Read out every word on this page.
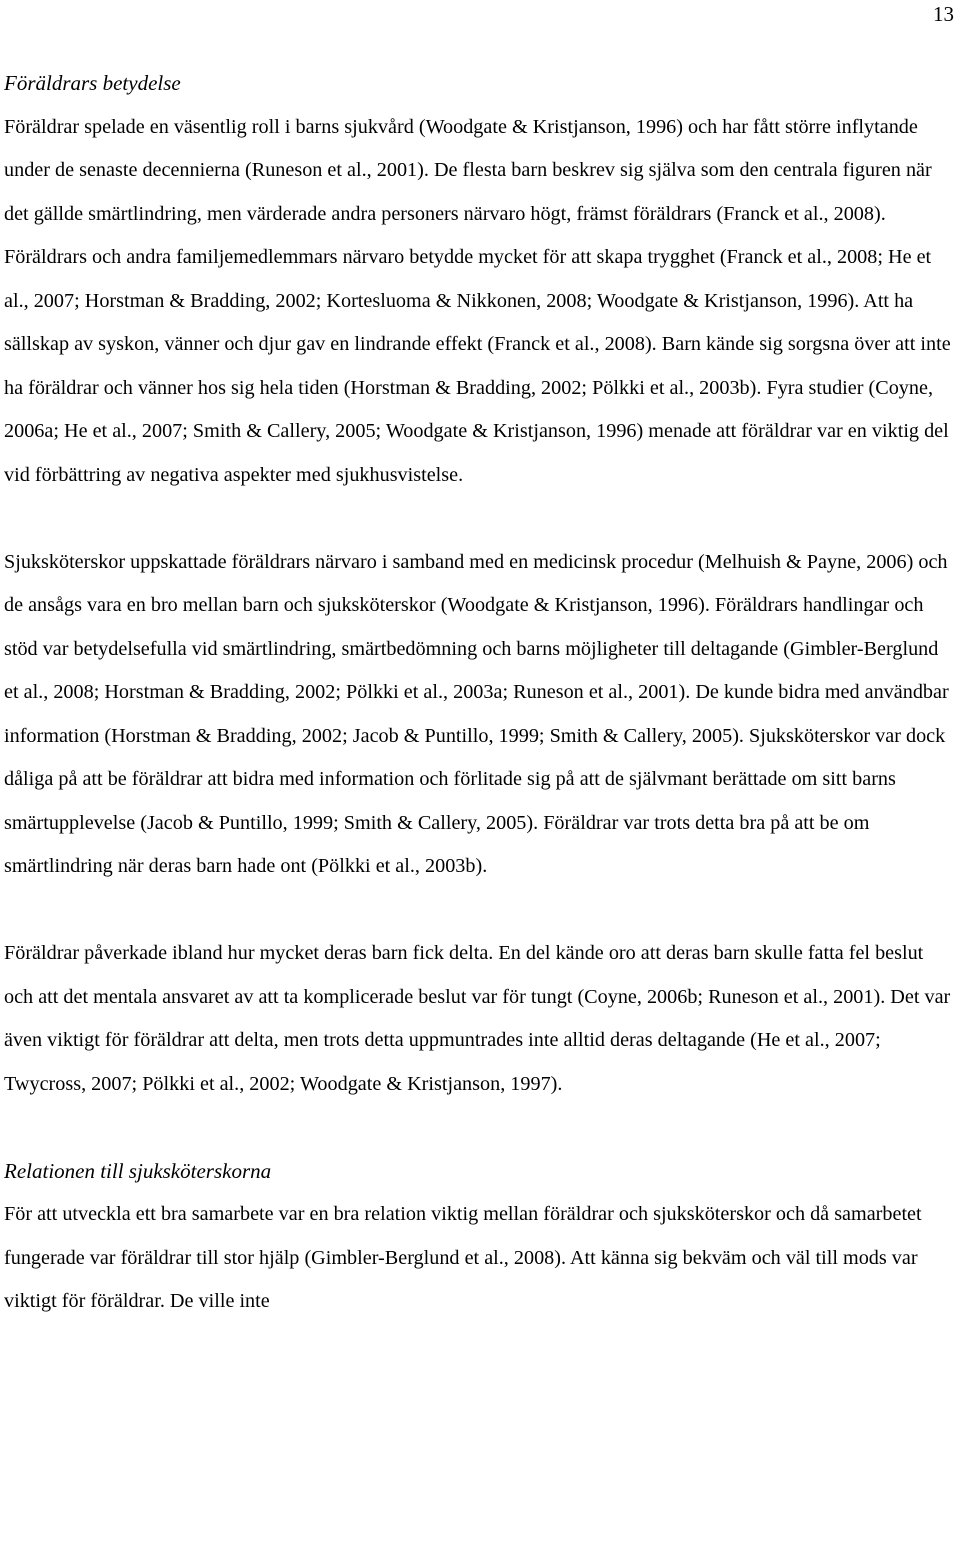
13
Föräldrars betydelse

Föräldrar spelade en väsentlig roll i barns sjukvård (Woodgate & Kristjanson, 1996) och har fått större inflytande under de senaste decennierna (Runeson et al., 2001). De flesta barn beskrev sig själva som den centrala figuren när det gällde smärtlindring, men värderade andra personers närvaro högt, främst föräldrars (Franck et al., 2008). Föräldrars och andra familjemedlemmars närvaro betydde mycket för att skapa trygghet (Franck et al., 2008; He et al., 2007; Horstman & Bradding, 2002; Kortesluoma & Nikkonen, 2008; Woodgate & Kristjanson, 1996). Att ha sällskap av syskon, vänner och djur gav en lindrande effekt (Franck et al., 2008). Barn kände sig sorgsna över att inte ha föräldrar och vänner hos sig hela tiden (Horstman & Bradding, 2002; Pölkki et al., 2003b). Fyra studier (Coyne, 2006a; He et al., 2007; Smith & Callery, 2005; Woodgate & Kristjanson, 1996) menade att föräldrar var en viktig del vid förbättring av negativa aspekter med sjukhusvistelse.

Sjuksköterskor uppskattade föräldrars närvaro i samband med en medicinsk procedur (Melhuish & Payne, 2006) och de ansågs vara en bro mellan barn och sjuksköterskor (Woodgate & Kristjanson, 1996). Föräldrars handlingar och stöd var betydelsefulla vid smärtlindring, smärtbedömning och barns möjligheter till deltagande (Gimbler-Berglund et al., 2008; Horstman & Bradding, 2002; Pölkki et al., 2003a; Runeson et al., 2001). De kunde bidra med användbar information (Horstman & Bradding, 2002; Jacob & Puntillo, 1999; Smith & Callery, 2005). Sjuksköterskor var dock dåliga på att be föräldrar att bidra med information och förlitade sig på att de självmant berättade om sitt barns smärtupplevelse (Jacob & Puntillo, 1999; Smith & Callery, 2005). Föräldrar var trots detta bra på att be om smärtlindring när deras barn hade ont (Pölkki et al., 2003b).

Föräldrar påverkade ibland hur mycket deras barn fick delta. En del kände oro att deras barn skulle fatta fel beslut och att det mentala ansvaret av att ta komplicerade beslut var för tungt (Coyne, 2006b; Runeson et al., 2001). Det var även viktigt för föräldrar att delta, men trots detta uppmuntrades inte alltid deras deltagande (He et al., 2007; Twycross, 2007; Pölkki et al., 2002; Woodgate & Kristjanson, 1997).

Relationen till sjuksköterskorna

För att utveckla ett bra samarbete var en bra relation viktig mellan föräldrar och sjuksköterskor och då samarbetet fungerade var föräldrar till stor hjälp (Gimbler-Berglund et al., 2008). Att känna sig bekväm och väl till mods var viktigt för föräldrar. De ville inte
